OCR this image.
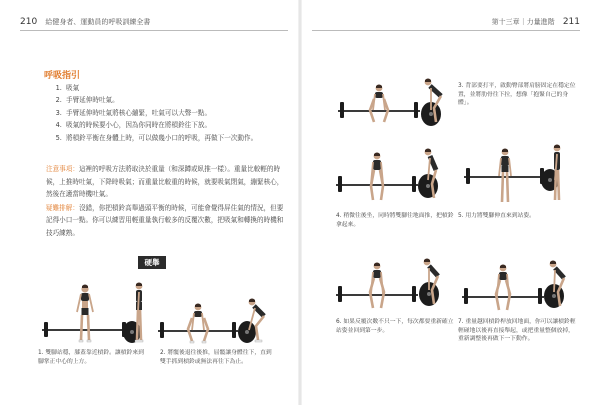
210 給健身者、運動員的呼吸訓練全書	第十三章｜力量進階 211
呼吸指引
1. 吸氣
2. 手臂延伸時吐氣。
3. 手臂延伸時吐氣將核心繃緊，吐氣可以大聲一點。
4. 吸氣的時候要小心，因為你同時在將槓鈴往下放。
5. 將槓鈴平衡在身體上時，可以做幾小口的呼吸，再做下一次動作。

注意事項：這裡的呼吸方法將取決於重量（和深蹲或臥推一樣）。重量比較輕的時候，上推時吐氣，下降時吸氣；而重量比較重的時候，就要吸氣閉氣，繃緊核心，然後在適當時機吐氣。

疑難排解：沒錯，你把槓鈴高舉過頭平衡的時候，可能會覺得屏住氣的情況，但要記得小口一點。你可以練習用輕重量執行較多的反覆次數，把吸氣和轉換的時機和技巧練熟。

硬舉
1. 雙腳站穩，膝蓋靠近槓鈴。讓槓鈴來到腳掌正中心的上方。
2. 將髖後退往後推，屈髖讓身體往下，直到雙手抓到槓鈴或無法再往下為止。
3. 背部要打平，啟動臀部將肩膀固定在穩定位置，並將肋骨往下拉，想像「抱緊自己的身體」。
4. 稍微往後坐，同時將雙腳往地面推，把槓鈴拿起來。
5. 用力將雙腳伸直來到站姿。
6. 如果反覆次數不只一下，每次都要重新確立站姿並回到第一步。
7. 重量越回槓鈴桿放回地面，你可以讓槓鈴輕輕碰地以後再直接舉起，或把重量整個放掉，重新調整後再做下一下動作。
